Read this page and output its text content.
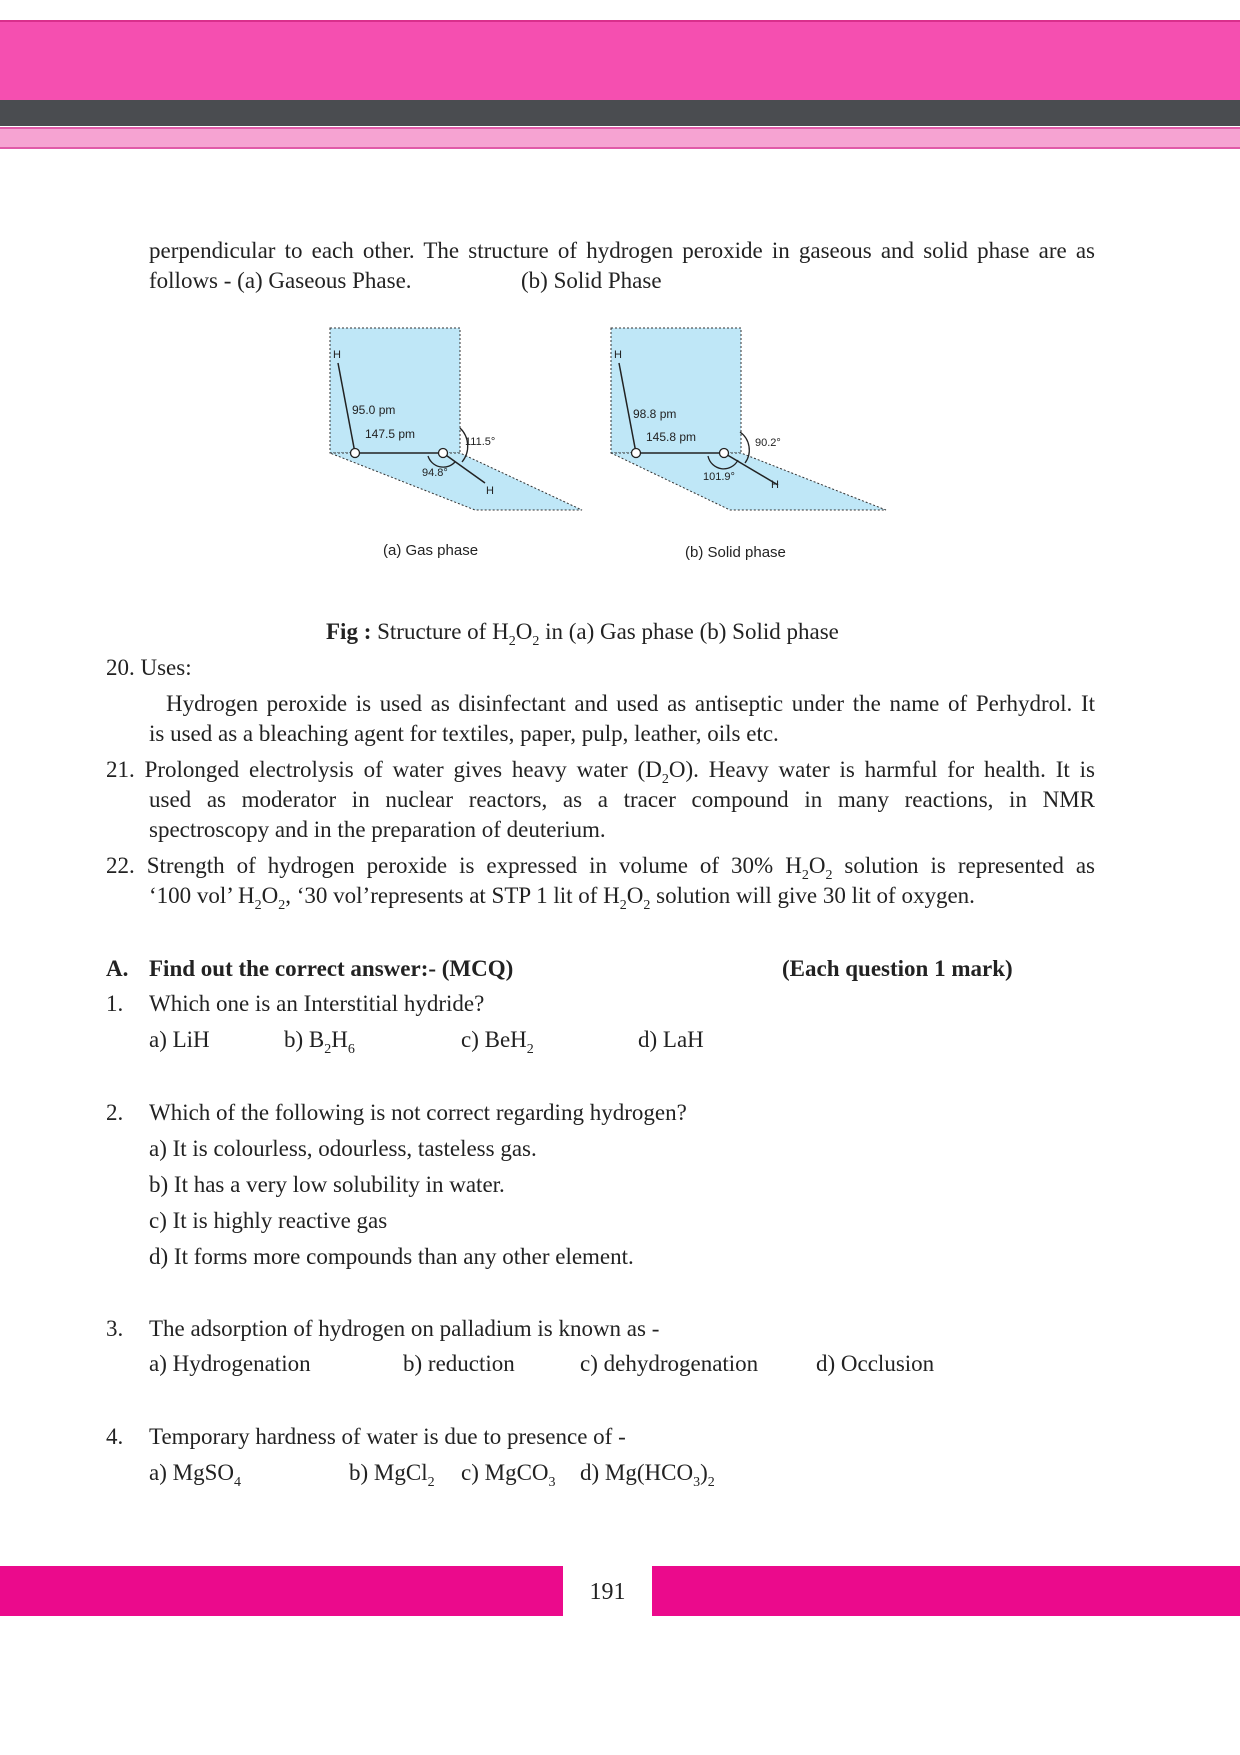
perpendicular to each other. The structure of hydrogen peroxide in gaseous and solid phase are as
follows - (a) Gaseous Phase.	(b) Solid Phase
H
95.0 pm
147.5 pm
111.5°
94.8°
H
(a) Gas phase
H
98.8 pm
145.8 pm	90.2°
101.9°
H
(b) Solid phase
Fig : Structure of $H_2O_2$ in (a) Gas phase (b) Solid phase
20. Uses:
Hydrogen peroxide is used as disinfectant and used as antiseptic under the name of Perhydrol. It
is used as a bleaching agent for textiles, paper, pulp, leather, oils etc.
21. Prolonged electrolysis of water gives heavy water $(D_2O)$. Heavy water is harmful for health. It is
used as moderator in nuclear reactors, as a tracer compound in many reactions, in NMR
spectroscopy and in the preparation of deuterium.
22. Strength of hydrogen peroxide is expressed in volume of 30% $H_2O_2$ solution is represented as
‘100 vol’ $H_2O_2$, ‘30 vol’represents at STP 1 lit of $H_2O_2$ solution will give 30 lit of oxygen.
A. Find out the correct answer:- (MCQ)	(Each question 1 mark)
1. Which one is an Interstitial hydride?
a) LiH	b) $B_2H_6$	c) BeH$_2$	d) LaH
2. Which of the following is not correct regarding hydrogen?
a) It is colourless, odourless, tasteless gas.
b) It has a very low solubility in water.
c) It is highly reactive gas
d) It forms more compounds than any other element.
3. The adsorption of hydrogen on palladium is known as -
a) Hydrogenation	b) reduction	c) dehydrogenation	d) Occlusion
4. Temporary hardness of water is due to presence of -
a) MgSO$_4$	b) MgCl$_2$ c) MgCO$_3$ d) $Mg(HCO_3)_2$
191
